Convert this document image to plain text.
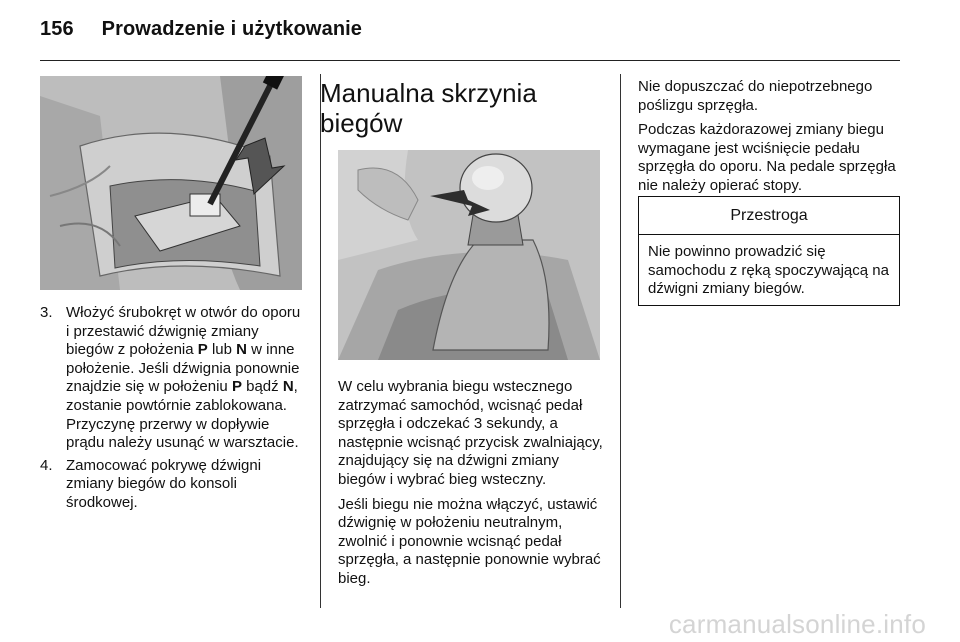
156 Prowadzenie i użytkowanie
3. Włożyć śrubokręt w otwór do oporu i przestawić dźwignię zmiany biegów z położenia P lub N w inne położenie. Jeśli dźwignia ponownie znajdzie się w położeniu P bądź N, zostanie powtórnie zablokowana. Przyczynę przerwy w dopływie prądu należy usunąć w warsztacie.
4. Zamocować pokrywę dźwigni zmiany biegów do konsoli środkowej.
Manualna skrzynia biegów

W celu wybrania biegu wstecznego zatrzymać samochód, wcisnąć pedał sprzęgła i odczekać 3 sekundy, a następnie wcisnąć przycisk zwalniający, znajdujący się na dźwigni zmiany biegów i wybrać bieg wsteczny.

Jeśli biegu nie można włączyć, ustawić dźwignię w położeniu neutralnym, zwolnić i ponownie wcisnąć pedał sprzęgła, a następnie ponownie wybrać bieg.

Nie dopuszczać do niepotrzebnego poślizgu sprzęgła.

Podczas każdorazowej zmiany biegu wymagane jest wciśnięcie pedału sprzęgła do oporu. Na pedale sprzęgła nie należy opierać stopy.

Przestroga
Nie powinno prowadzić się samochodu z ręką spoczywającą na dźwigni zmiany biegów.
carmanualsonline.info
